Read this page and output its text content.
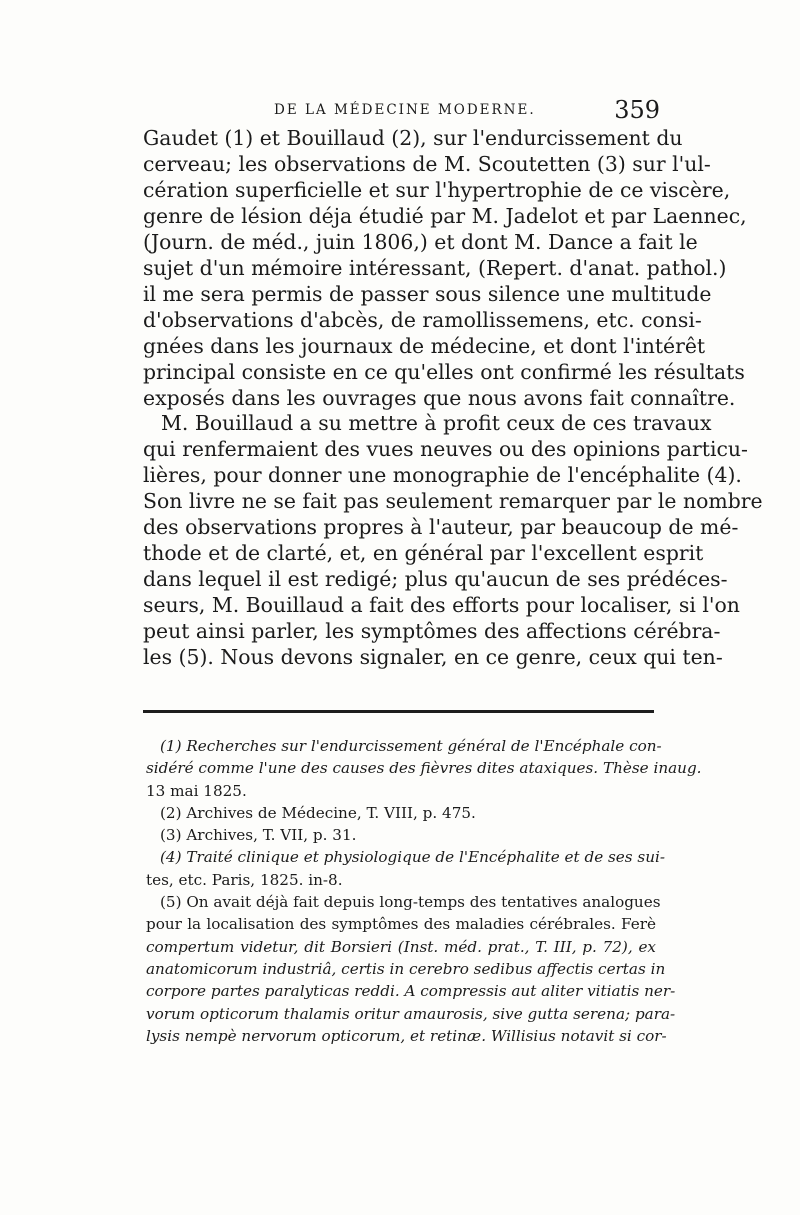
DE LA MÉDECINE MODERNE.	359
Gaudet (1) et Bouillaud (2), sur l'endurcissement du
cerveau; les observations de M. Scoutetten (3) sur l'ul-
cération superficielle et sur l'hypertrophie de ce viscère,
genre de lésion déja étudié par M. Jadelot et par Laennec,
(Journ. de méd., juin 1806,) et dont M. Dance a fait le
sujet d'un mémoire intéressant, (Repert. d'anat. pathol.)
il me sera permis de passer sous silence une multitude
d'observations d'abcès, de ramollissemens, etc. consi-
gnées dans les journaux de médecine, et dont l'intérêt
principal consiste en ce qu'elles ont confirmé les résultats
exposés dans les ouvrages que nous avons fait connaître.
M. Bouillaud a su mettre à profit ceux de ces travaux
qui renfermaient des vues neuves ou des opinions particu-
lières, pour donner une monographie de l'encéphalite (4).
Son livre ne se fait pas seulement remarquer par le nombre
des observations propres à l'auteur, par beaucoup de mé-
thode et de clarté, et, en général par l'excellent esprit
dans lequel il est redigé; plus qu'aucun de ses prédéces-
seurs, M. Bouillaud a fait des efforts pour localiser, si l'on
peut ainsi parler, les symptômes des affections cérébra-
les (5). Nous devons signaler, en ce genre, ceux qui ten-
(1) Recherches sur l'endurcissement général de l'Encéphale con-
sidéré comme l'une des causes des fièvres dites ataxiques. Thèse inaug.
13 mai 1825.
(2) Archives de Médecine, T. VIII, p. 475.
(3) Archives, T. VII, p. 31.
(4) Traité clinique et physiologique de l'Encéphalite et de ses sui-
tes, etc. Paris, 1825. in-8.
(5) On avait déjà fait depuis long-temps des tentatives analogues
pour la localisation des symptômes des maladies cérébrales. Ferè
compertum videtur, dit Borsieri (Inst. méd. prat., T. III, p. 72), ex
anatomicorum industriâ, certis in cerebro sedibus affectis certas in
corpore partes paralyticas reddi. A compressis aut aliter vitiatis ner-
vorum opticorum thalamis oritur amaurosis, sive gutta serena; para-
lysis nempè nervorum opticorum, et retinæ. Willisius notavit si cor-
